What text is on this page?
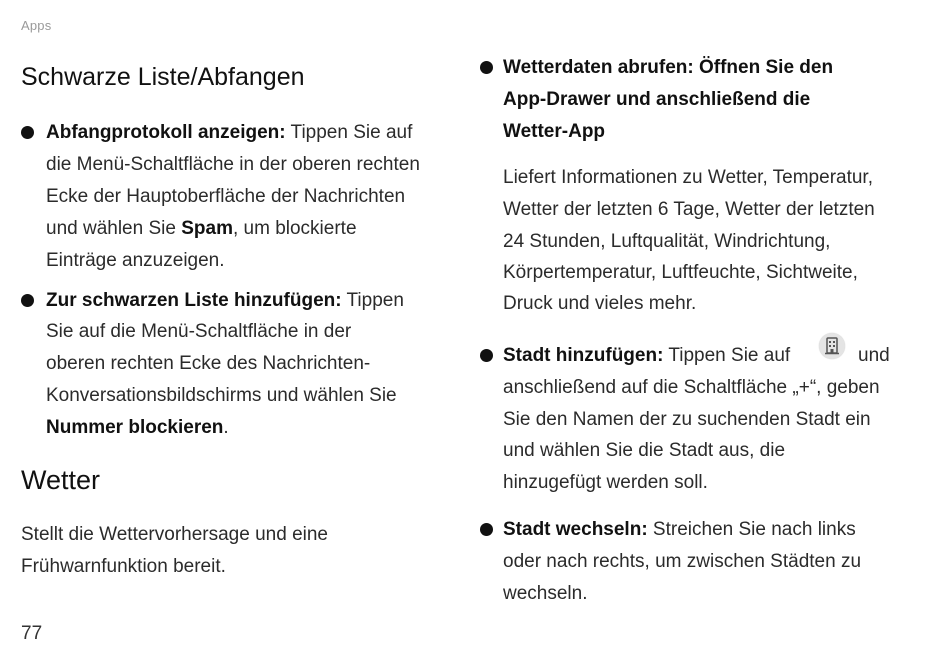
Apps
77
Schwarze Liste/Abfangen
Abfangprotokoll anzeigen: Tippen Sie auf
die Menü-Schaltfläche in der oberen rechten
Ecke der Hauptoberfläche der Nachrichten
und wählen Sie Spam, um blockierte
Einträge anzuzeigen.
Zur schwarzen Liste hinzufügen: Tippen
Sie auf die Menü-Schaltfläche in der
oberen rechten Ecke des Nachrichten-
Konversationsbildschirms und wählen Sie
Nummer blockieren.
Wetter
Stellt die Wettervorhersage und eine
Frühwarnfunktion bereit.
Wetterdaten abrufen: Öffnen Sie den
App-Drawer und anschließend die
Wetter-App
Liefert Informationen zu Wetter, Temperatur,
Wetter der letzten 6 Tage, Wetter der letzten
24 Stunden, Luftqualität, Windrichtung,
Körpertemperatur, Luftfeuchte, Sichtweite,
Druck und vieles mehr.
Stadt hinzufügen: Tippen Sie auf	und
anschließend auf die Schaltfläche „+“, geben
Sie den Namen der zu suchenden Stadt ein
und wählen Sie die Stadt aus, die
hinzugefügt werden soll.
Stadt wechseln: Streichen Sie nach links
oder nach rechts, um zwischen Städten zu
wechseln.
